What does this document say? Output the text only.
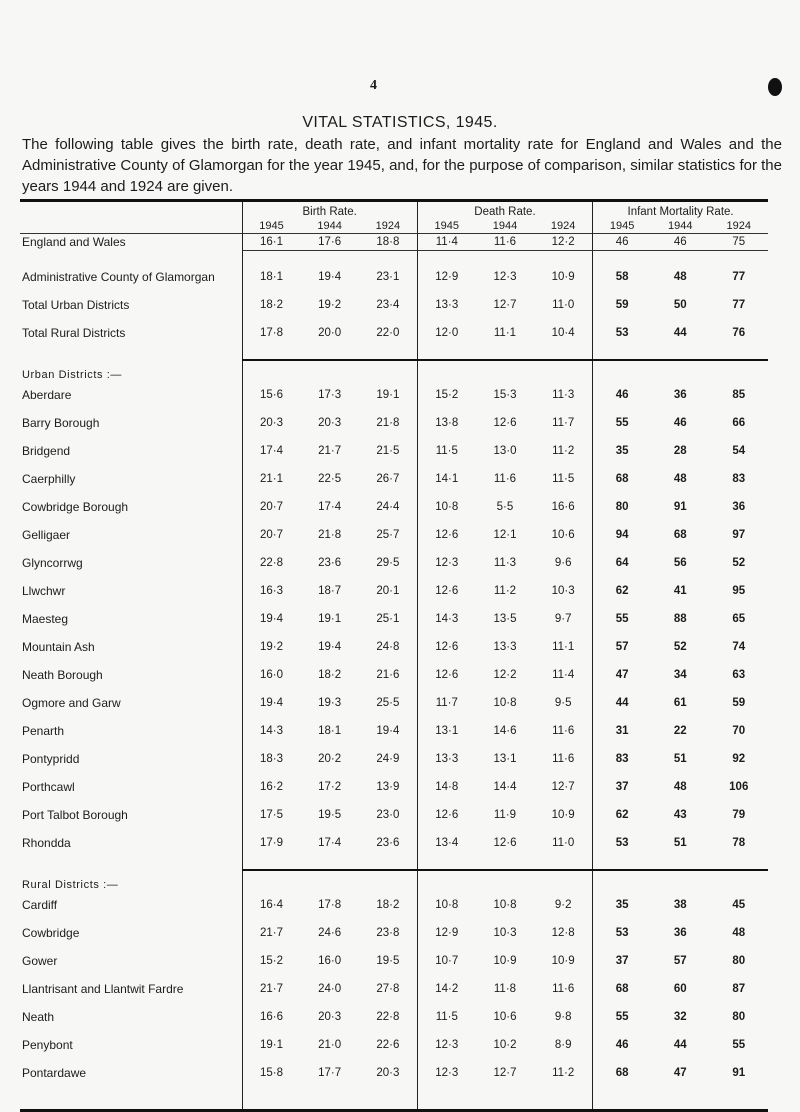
4
VITAL STATISTICS, 1945.
The following table gives the birth rate, death rate, and infant mortality rate for England and Wales and the Administrative County of Glamorgan for the year 1945, and, for the purpose of comparison, similar statistics for the years 1944 and 1924 are given.
	Birth Rate.			Death Rate.			Infant Mortality Rate.		
	1945	1944	1924	1945	1944	1924	1945	1944	1924
England and Wales	16·1	17·6	18·8	11·4	11·6	12·2	46	46	75

Administrative County of Glamorgan	18·1	19·4	23·1	12·9	12·3	10·9	58	48	77
Total Urban Districts	18·2	19·2	23·4	13·3	12·7	11·0	59	50	77
Total Rural Districts	17·8	20·0	22·0	12·0	11·1	10·4	53	44	76

Urban Districts :—									
Aberdare	15·6	17·3	19·1	15·2	15·3	11·3	46	36	85
Barry Borough	20·3	20·3	21·8	13·8	12·6	11·7	55	46	66
Bridgend	17·4	21·7	21·5	11·5	13·0	11·2	35	28	54
Caerphilly	21·1	22·5	26·7	14·1	11·6	11·5	68	48	83
Cowbridge Borough	20·7	17·4	24·4	10·8	5·5	16·6	80	91	36
Gelligaer	20·7	21·8	25·7	12·6	12·1	10·6	94	68	97
Glyncorrwg	22·8	23·6	29·5	12·3	11·3	9·6	64	56	52
Llwchwr	16·3	18·7	20·1	12·6	11·2	10·3	62	41	95
Maesteg	19·4	19·1	25·1	14·3	13·5	9·7	55	88	65
Mountain Ash	19·2	19·4	24·8	12·6	13·3	11·1	57	52	74
Neath Borough	16·0	18·2	21·6	12·6	12·2	11·4	47	34	63
Ogmore and Garw	19·4	19·3	25·5	11·7	10·8	9·5	44	61	59
Penarth	14·3	18·1	19·4	13·1	14·6	11·6	31	22	70
Pontypridd	18·3	20·2	24·9	13·3	13·1	11·6	83	51	92
Porthcawl	16·2	17·2	13·9	14·8	14·4	12·7	37	48	106
Port Talbot Borough	17·5	19·5	23·0	12·6	11·9	10·9	62	43	79
Rhondda	17·9	17·4	23·6	13·4	12·6	11·0	53	51	78

Rural Districts :—									
Cardiff	16·4	17·8	18·2	10·8	10·8	9·2	35	38	45
Cowbridge	21·7	24·6	23·8	12·9	10·3	12·8	53	36	48
Gower	15·2	16·0	19·5	10·7	10·9	10·9	37	57	80
Llantrisant and Llantwit Fardre	21·7	24·0	27·8	14·2	11·8	11·6	68	60	87
Neath	16·6	20·3	22·8	11·5	10·6	9·8	55	32	80
Penybont	19·1	21·0	22·6	12·3	10·2	8·9	46	44	55
Pontardawe	15·8	17·7	20·3	12·3	12·7	11·2	68	47	91
